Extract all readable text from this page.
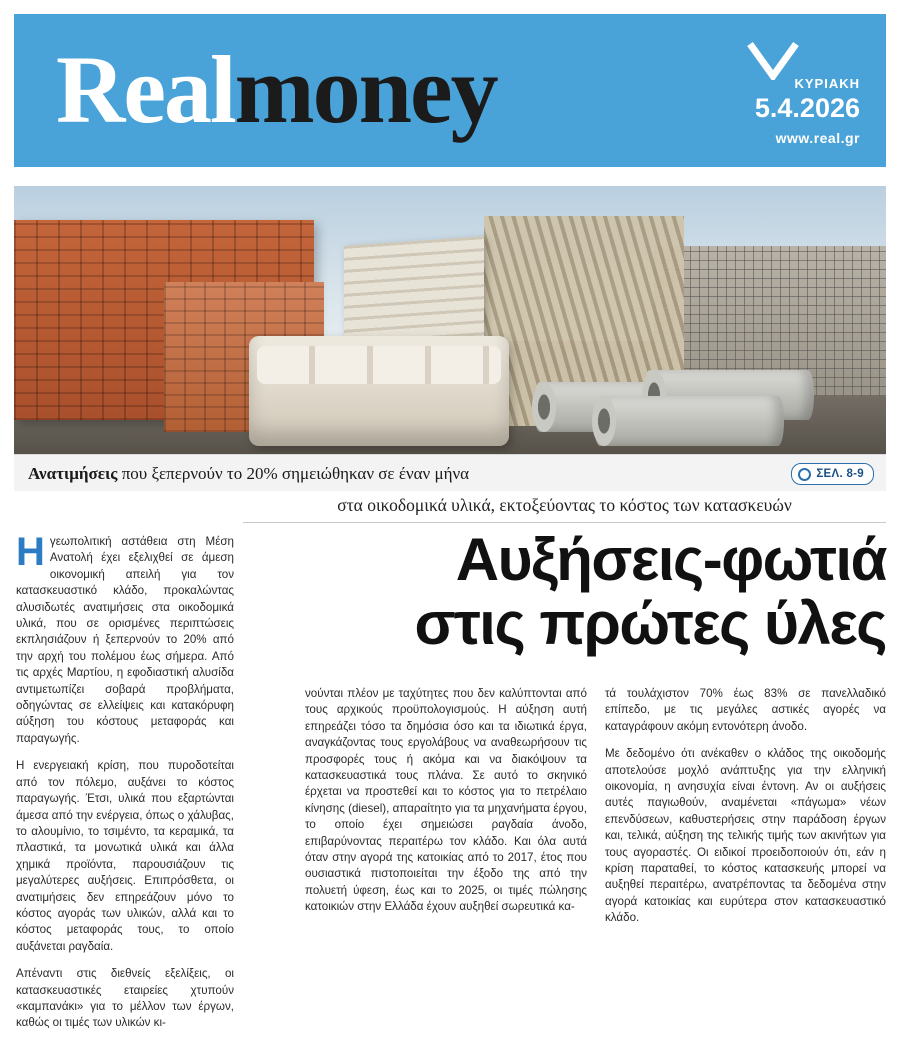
Realmoney	ΚΥΡΙΑΚΗ
5.4.2026
www.real.gr
Ανατιμήσεις που ξεπερνούν το 20% σημειώθηκαν σε έναν μήνα	ΣΕΛ. 8-9
στα οικοδομικά υλικά, εκτοξεύοντας το κόστος των κατασκευών
Αυξήσεις-φωτιά
στις πρώτες ύλες

Ηγεωπολιτική αστάθεια στη Μέση Ανατολή έχει εξελιχθεί σε άμεση οικονομική απειλή για τον κατασκευαστικό κλάδο, προκαλώντας αλυσιδωτές ανατιμήσεις στα οικοδομικά υλικά, που σε ορισμένες περιπτώσεις εκπλησιάζουν ή ξεπερνούν το 20% από την αρχή του πολέμου έως σήμερα. Από τις αρχές Μαρτίου, η εφοδιαστική αλυσίδα αντιμετωπίζει σοβαρά προβλήματα, οδηγώντας σε ελλείψεις και κατακόρυφη αύξηση του κόστους μεταφοράς και παραγωγής.

Η ενεργειακή κρίση, που πυροδοτείται από τον πόλεμο, αυξάνει το κόστος παραγωγής. Έτσι, υλικά που εξαρτώνται άμεσα από την ενέργεια, όπως ο χάλυβας, το αλουμίνιο, το τσιμέντο, τα κεραμικά, τα πλαστικά, τα μονωτικά υλικά και άλλα χημικά προϊόντα, παρουσιάζουν τις μεγαλύτερες αυξήσεις. Επιπρόσθετα, οι ανατιμήσεις δεν επηρεάζουν μόνο το κόστος αγοράς των υλικών, αλλά και το κόστος μεταφοράς τους, το οποίο αυξάνεται ραγδαία.

Απέναντι στις διεθνείς εξελίξεις, οι κατασκευαστικές εταιρείες χτυπούν «καμπανάκι» για το μέλλον των έργων, καθώς οι τιμές των υλικών κι-

νούνται πλέον με ταχύτητες που δεν καλύπτονται από τους αρχικούς προϋπολογισμούς. Η αύξηση αυτή επηρεάζει τόσο τα δημόσια όσο και τα ιδιωτικά έργα, αναγκάζοντας τους εργολάβους να αναθεωρήσουν τις προσφορές τους ή ακόμα και να διακόψουν τα κατασκευαστικά τους πλάνα. Σε αυτό το σκηνικό έρχεται να προστεθεί και το κόστος για το πετρέλαιο κίνησης (diesel), απαραίτητο για τα μηχανήματα έργου, το οποίο έχει σημειώσει ραγδαία άνοδο, επιβαρύνοντας περαιτέρω τον κλάδο. Και όλα αυτά όταν στην αγορά της κατοικίας από το 2017, έτος που ουσιαστικά πιστοποιείται την έξοδο της από την πολυετή ύφεση, έως και το 2025, οι τιμές πώλησης κατοικιών στην Ελλάδα έχουν αυξηθεί σωρευτικά κα-

τά τουλάχιστον 70% έως 83% σε πανελλαδικό επίπεδο, με τις μεγάλες αστικές αγορές να καταγράφουν ακόμη εντονότερη άνοδο.

Με δεδομένο ότι ανέκαθεν ο κλάδος της οικοδομής αποτελούσε μοχλό ανάπτυξης για την ελληνική οικονομία, η ανησυχία είναι έντονη. Αν οι αυξήσεις αυτές παγιωθούν, αναμένεται «πάγωμα» νέων επενδύσεων, καθυστερήσεις στην παράδοση έργων και, τελικά, αύξηση της τελικής τιμής των ακινήτων για τους αγοραστές. Οι ειδικοί προειδοποιούν ότι, εάν η κρίση παραταθεί, το κόστος κατασκευής μπορεί να αυξηθεί περαιτέρω, ανατρέποντας τα δεδομένα στην αγορά κατοικίας και ευρύτερα στον κατασκευαστικό κλάδο.
